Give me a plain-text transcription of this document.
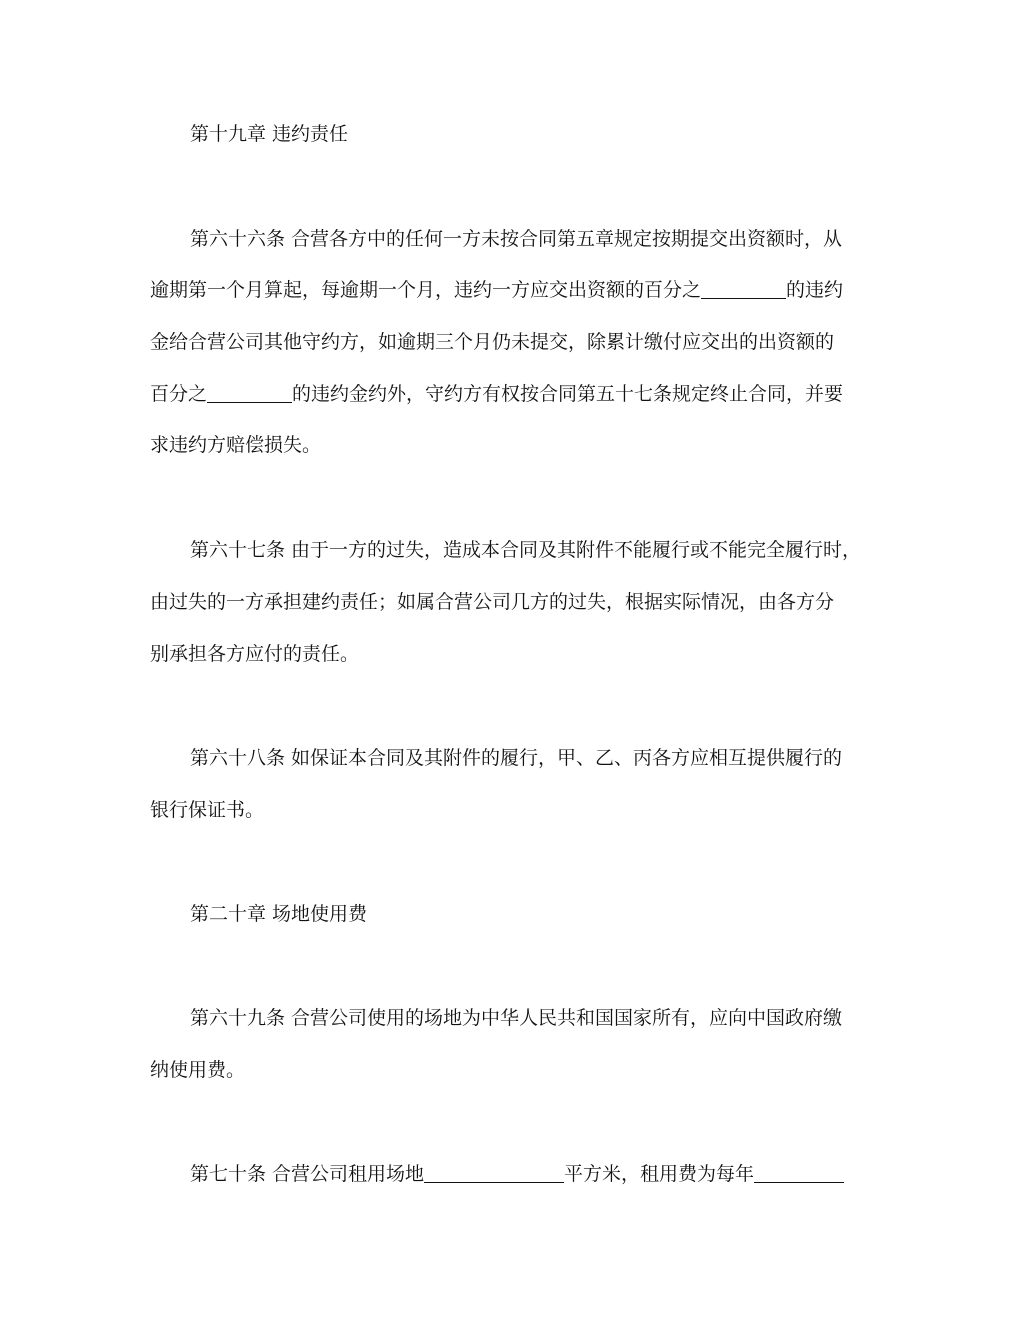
第十九章 违约责任
第六十六条 合营各方中的任何一方未按合同第五章规定按期提交出资额时，从
逾期第一个月算起，每逾期一个月，违约一方应交出资额的百分之	的违约
金给合营公司其他守约方，如逾期三个月仍未提交，除累计缴付应交出的出资额的
百分之	的违约金约外，守约方有权按合同第五十七条规定终止合同，并要
求违约方赔偿损失。
第六十七条 由于一方的过失，造成本合同及其附件不能履行或不能完全履行时，
由过失的一方承担建约责任；如属合营公司几方的过失，根据实际情况，由各方分
别承担各方应付的责任。
第六十八条 如保证本合同及其附件的履行，甲、乙、丙各方应相互提供履行的
银行保证书。
第二十章 场地使用费
第六十九条 合营公司使用的场地为中华人民共和国国家所有，应向中国政府缴
纳使用费。
第七十条 合营公司租用场地	平方米，租用费为每年
